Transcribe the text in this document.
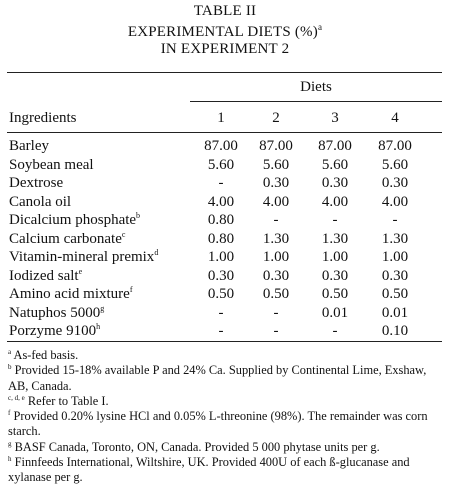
TABLE II
EXPERIMENTAL DIETS (%)$^a$
IN EXPERIMENT 2
Diets
Ingredients	1	2	3	4
Barley	87.00	87.00	87.00	87.00
Soybean meal	5.60	5.60	5.60	5.60
Dextrose	-	0.30	0.30	0.30
Canola oil	4.00	4.00	4.00	4.00
Dicalcium phosphate$^b$	0.80	-	-	-
Calcium carbonate$^c$	0.80	1.30	1.30	1.30
Vitamin-mineral premix$^d$	1.00	1.00	1.00	1.00
Iodized salt$^e$	0.30	0.30	0.30	0.30
Amino acid mixture$^f$	0.50	0.50	0.50	0.50
Natuphos 5000$^g$	-	-	0.01	0.01
Porzyme 9100$^h$	-	-	-	0.10

$^a$ As-fed basis.

$^b$ Provided 15-18% available P and 24% Ca. Supplied by Continental Lime, Exshaw, AB, Canada.

$^{c, d, e}$ Refer to Table I.

$^f$ Provided 0.20% lysine HCl and 0.05% L-threonine (98%). The remainder was corn starch.

$^g$ BASF Canada, Toronto, ON, Canada. Provided 5 000 phytase units per g.

$^h$ Finnfeeds International, Wiltshire, UK. Provided 400U of each ß-glucanase and xylanase per g.
